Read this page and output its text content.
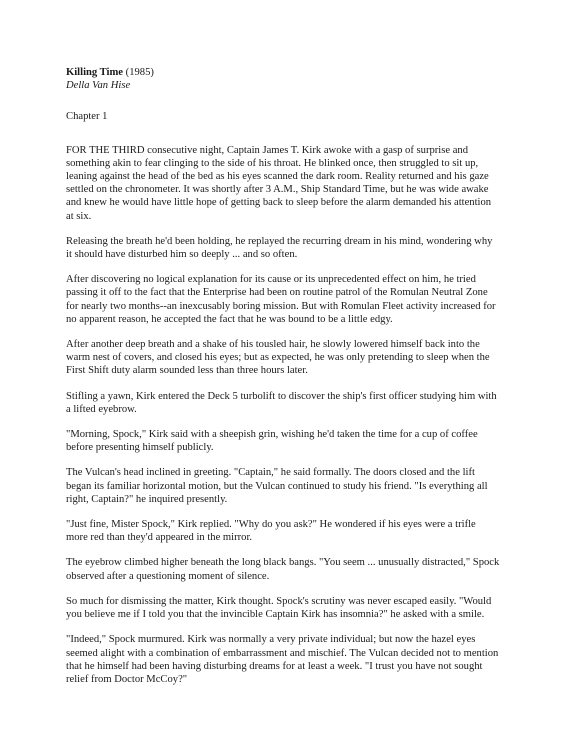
Killing Time (1985)

Della Van Hise

Chapter 1

FOR THE THIRD consecutive night, Captain James T. Kirk awoke with a gasp of surprise and something akin to fear clinging to the side of his throat. He blinked once, then struggled to sit up, leaning against the head of the bed as his eyes scanned the dark room. Reality returned and his gaze settled on the chronometer. It was shortly after 3 A.M., Ship Standard Time, but he was wide awake and knew he would have little hope of getting back to sleep before the alarm demanded his attention at six.

Releasing the breath he'd been holding, he replayed the recurring dream in his mind, wondering why it should have disturbed him so deeply ... and so often.

After discovering no logical explanation for its cause or its unprecedented effect on him, he tried passing it off to the fact that the Enterprise had been on routine patrol of the Romulan Neutral Zone for nearly two months--an inexcusably boring mission. But with Romulan Fleet activity increased for no apparent reason, he accepted the fact that he was bound to be a little edgy.

After another deep breath and a shake of his tousled hair, he slowly lowered himself back into the warm nest of covers, and closed his eyes; but as expected, he was only pretending to sleep when the First Shift duty alarm sounded less than three hours later.

Stifling a yawn, Kirk entered the Deck 5 turbolift to discover the ship's first officer studying him with a lifted eyebrow.

"Morning, Spock," Kirk said with a sheepish grin, wishing he'd taken the time for a cup of coffee before presenting himself publicly.

The Vulcan's head inclined in greeting. "Captain," he said formally. The doors closed and the lift began its familiar horizontal motion, but the Vulcan continued to study his friend. "Is everything all right, Captain?" he inquired presently.

"Just fine, Mister Spock," Kirk replied. "Why do you ask?" He wondered if his eyes were a trifle more red than they'd appeared in the mirror.

The eyebrow climbed higher beneath the long black bangs. "You seem ... unusually distracted," Spock observed after a questioning moment of silence.

So much for dismissing the matter, Kirk thought. Spock's scrutiny was never escaped easily. "Would you believe me if I told you that the invincible Captain Kirk has insomnia?" he asked with a smile.

"Indeed," Spock murmured. Kirk was normally a very private individual; but now the hazel eyes seemed alight with a combination of embarrassment and mischief. The Vulcan decided not to mention that he himself had been having disturbing dreams for at least a week. "I trust you have not sought relief from Doctor McCoy?"
